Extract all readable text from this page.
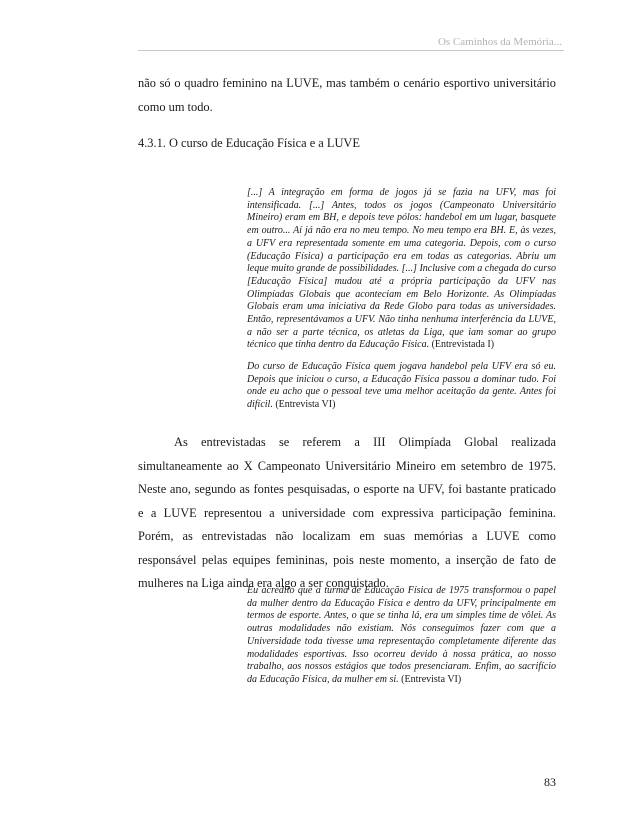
Os Caminhos da Memória...

não só o quadro feminino na LUVE, mas também o cenário esportivo universitário como um todo.

4.3.1. O curso de Educação Física e a LUVE

[...] A integração em forma de jogos já se fazia na UFV, mas foi intensificada. [...] Antes, todos os jogos (Campeonato Universitário Mineiro) eram em BH, e depois teve pólos: handebol em um lugar, basquete em outro... Aí já não era no meu tempo. No meu tempo era BH. E, às vezes, a UFV era representada somente em uma categoria. Depois, com o curso (Educação Física) a participação era em todas as categorias. Abriu um leque muito grande de possibilidades. [...] Inclusive com a chegada do curso [Educação Física] mudou até a própria participação da UFV nas Olimpíadas Globais que aconteciam em Belo Horizonte. As Olimpíadas Globais eram uma iniciativa da Rede Globo para todas as universidades. Então, representávamos a UFV. Não tinha nenhuma interferência da LUVE, a não ser a parte técnica, os atletas da Liga, que iam somar ao grupo técnico que tinha dentro da Educação Física. (Entrevistada I)
Do curso de Educação Física quem jogava handebol pela UFV era só eu. Depois que iniciou o curso, a Educação Física passou a dominar tudo. Foi onde eu acho que o pessoal teve uma melhor aceitação da gente. Antes foi difícil. (Entrevista VI)

As entrevistadas se referem a III Olimpíada Global realizada simultaneamente ao X Campeonato Universitário Mineiro em setembro de 1975. Neste ano, segundo as fontes pesquisadas, o esporte na UFV, foi bastante praticado e a LUVE representou a universidade com expressiva participação feminina. Porém, as entrevistadas não localizam em suas memórias a LUVE como responsável pelas equipes femininas, pois neste momento, a inserção de fato de mulheres na Liga ainda era algo a ser conquistado.

Eu acredito que a turma de Educação Física de 1975 transformou o papel da mulher dentro da Educação Física e dentro da UFV, principalmente em termos de esporte. Antes, o que se tinha lá, era um simples time de vôlei. As outras modalidades não existiam. Nós conseguimos fazer com que a Universidade toda tivesse uma representação completamente diferente das modalidades esportivas. Isso ocorreu devido à nossa prática, ao nosso trabalho, aos nossos estágios que todos presenciaram. Enfim, ao sacrifício da Educação Física, da mulher em si. (Entrevista VI)
83
